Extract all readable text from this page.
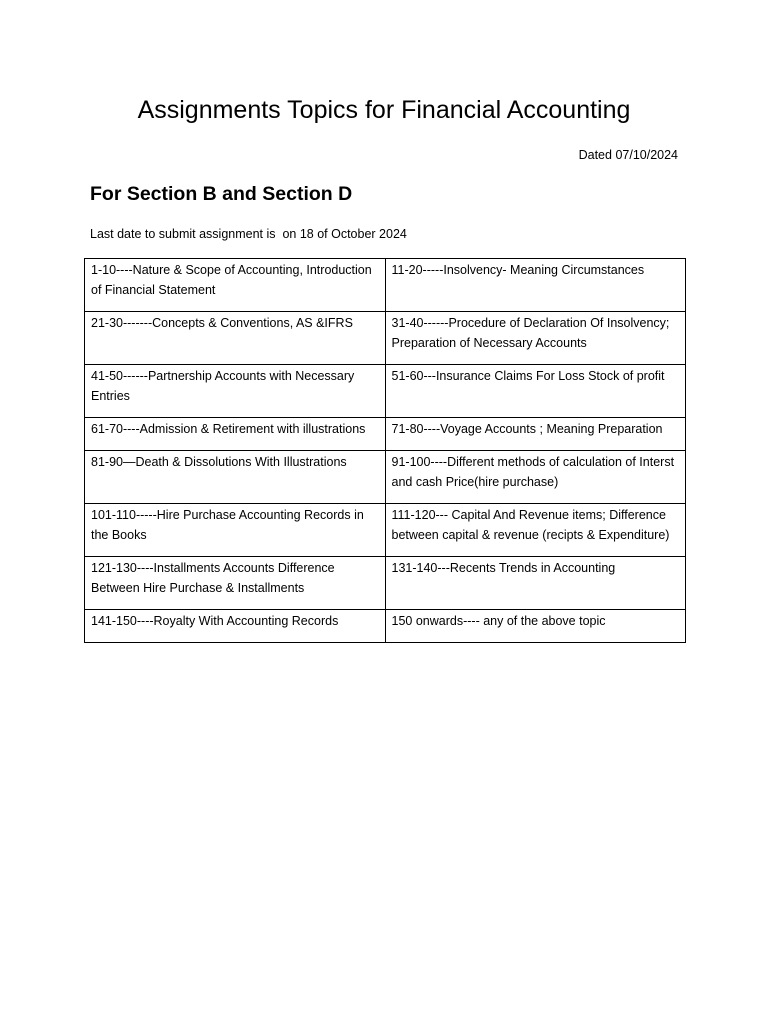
Assignments Topics for Financial Accounting
Dated 07/10/2024
For Section B and Section D
Last date to submit assignment is  on 18 of October 2024
1-10----Nature & Scope of Accounting, Introduction of Financial Statement	11-20-----Insolvency- Meaning Circumstances
21-30-------Concepts & Conventions, AS &IFRS	31-40------Procedure of Declaration Of Insolvency; Preparation of Necessary Accounts
41-50------Partnership Accounts with Necessary Entries	51-60---Insurance Claims For Loss Stock of profit
61-70----Admission & Retirement with illustrations	71-80----Voyage Accounts ; Meaning Preparation
81-90—Death & Dissolutions With Illustrations	91-100----Different methods of calculation of Interst and cash Price(hire purchase)
101-110-----Hire Purchase Accounting Records in the Books	111-120--- Capital And Revenue items; Difference between capital & revenue (recipts & Expenditure)
121-130----Installments Accounts Difference Between Hire Purchase & Installments	131-140---Recents Trends in Accounting
141-150----Royalty With Accounting Records	150 onwards---- any of the above topic
